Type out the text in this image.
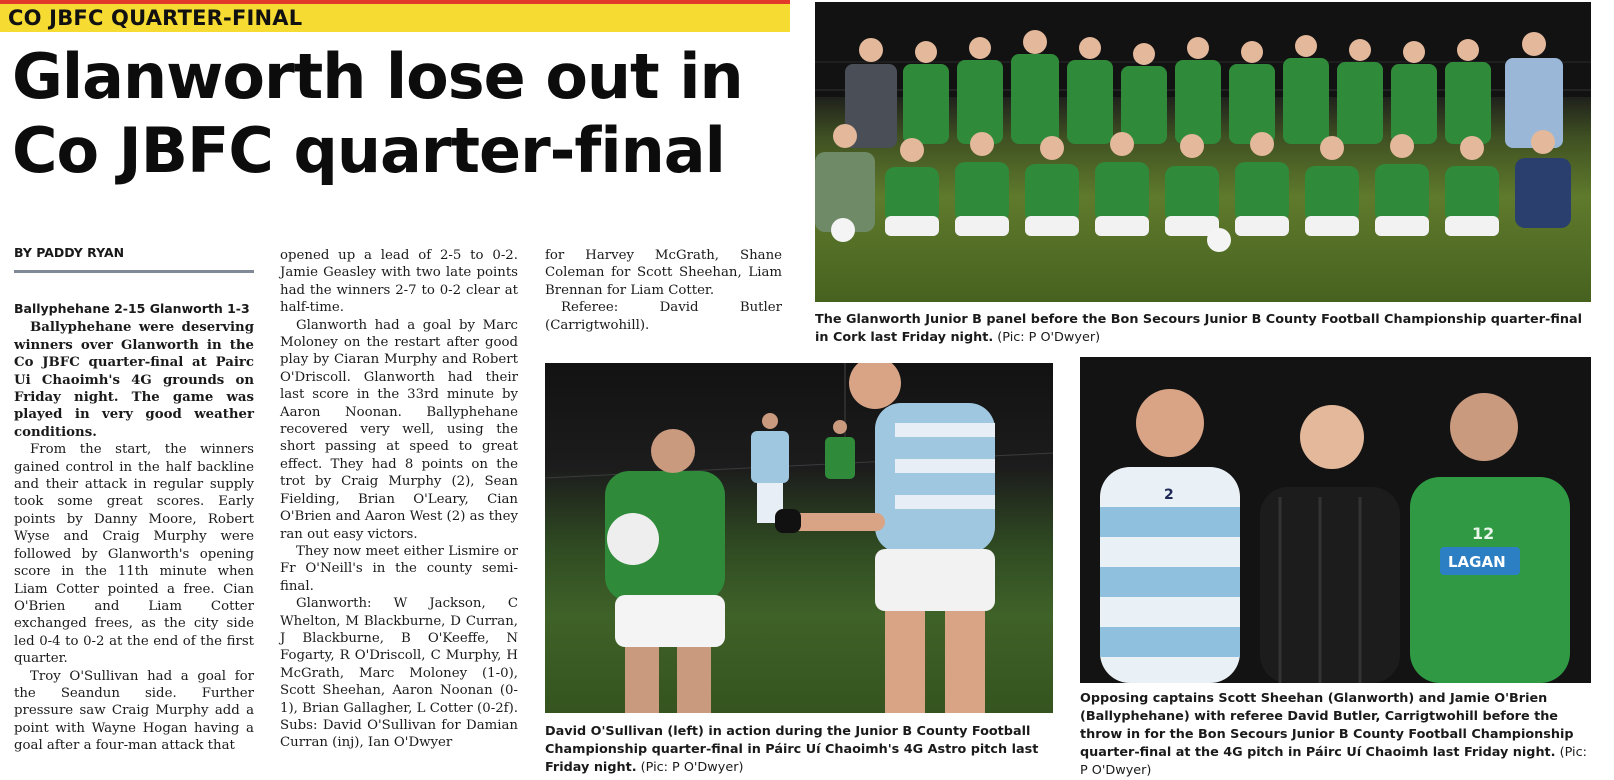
CO JBFC QUARTER-FINAL
Glanworth lose out in Co JBFC quarter-final
BY PADDY RYAN

Ballyphehane 2-15 Glanworth 1-3

Ballyphehane were deserving winners over Glanworth in the Co JBFC quarter-final at Pairc Ui Chaoimh's 4G grounds on Friday night. The game was played in very good weather conditions.

From the start, the winners gained control in the half backline and their attack in regular supply took some great scores. Early points by Danny Moore, Robert Wyse and Craig Murphy were followed by Glanworth's opening score in the 11th minute when Liam Cotter pointed a free. Cian O'Brien and Liam Cotter exchanged frees, as the city side led 0-4 to 0-2 at the end of the first quarter.

Troy O'Sullivan had a goal for the Seandun side. Further pressure saw Craig Murphy add a point with Wayne Hogan having a goal after a four-man attack that

opened up a lead of 2-5 to 0-2. Jamie Geasley with two late points had the winners 2-7 to 0-2 clear at half-time.

Glanworth had a goal by Marc Moloney on the restart after good play by Ciaran Murphy and Robert O'Driscoll. Glanworth had their last score in the 33rd minute by Aaron Noonan. Ballyphehane recovered very well, using the short passing at speed to great effect. They had 8 points on the trot by Craig Murphy (2), Sean Fielding, Brian O'Leary, Cian O'Brien and Aaron West (2) as they ran out easy victors.

They now meet either Lismire or Fr O'Neill's in the county semi-final.

Glanworth: W Jackson, C Whelton, M Blackburne, D Curran, J Blackburne, B O'Keeffe, N Fogarty, R O'Driscoll, C Murphy, H McGrath, Marc Moloney (1-0), Scott Sheehan, Aaron Noonan (0-1), Brian Gallagher, L Cotter (0-2f). Subs: David O'Sullivan for Damian Curran (inj), Ian O'Dwyer

for Harvey McGrath, Shane Coleman for Scott Sheehan, Liam Brennan for Liam Cotter.

Referee: David Butler (Carrigtwohill).	The Glanworth Junior B panel before the Bon Secours Junior B County Football Championship quarter-final in Cork last Friday night. (Pic: P O'Dwyer)
David O'Sullivan (left) in action during the Junior B County Football Championship quarter-final in Páirc Uí Chaoimh's 4G Astro pitch last Friday night. (Pic: P O'Dwyer)
2
12
LAGAN
Opposing captains Scott Sheehan (Glanworth) and Jamie O'Brien (Ballyphehane) with referee David Butler, Carrigtwohill before the throw in for the Bon Secours Junior B County Football Championship quarter-final at the 4G pitch in Páirc Uí Chaoimh last Friday night. (Pic: P O'Dwyer)
